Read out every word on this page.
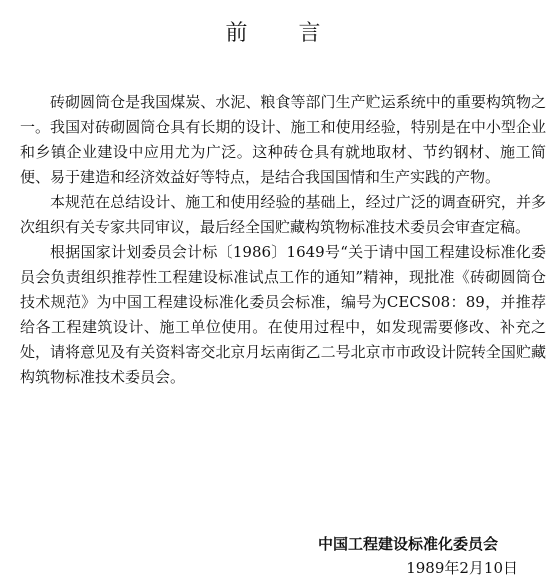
前 言

砖砌圆筒仓是我国煤炭、水泥、粮食等部门生产贮运系统中的重要构筑物之一。我国对砖砌圆筒仓具有长期的设计、施工和使用经验，特别是在中小型企业和乡镇企业建设中应用尤为广泛。这种砖仓具有就地取材、节约钢材、施工简便、易于建造和经济效益好等特点，是结合我国国情和生产实践的产物。

本规范在总结设计、施工和使用经验的基础上，经过广泛的调查研究，并多次组织有关专家共同审议，最后经全国贮藏构筑物标准技术委员会审查定稿。

根据国家计划委员会计标〔1986〕1649号“关于请中国工程建设标准化委员会负责组织推荐性工程建设标准试点工作的通知”精神，现批准《砖砌圆筒仓技术规范》为中国工程建设标准化委员会标准，编号为CECS08：89，并推荐给各工程建筑设计、施工单位使用。在使用过程中，如发现需要修改、补充之处，请将意见及有关资料寄交北京月坛南街乙二号北京市市政设计院转全国贮藏构筑物标准技术委员会。

中国工程建设标准化委员会
1989年2月10日
